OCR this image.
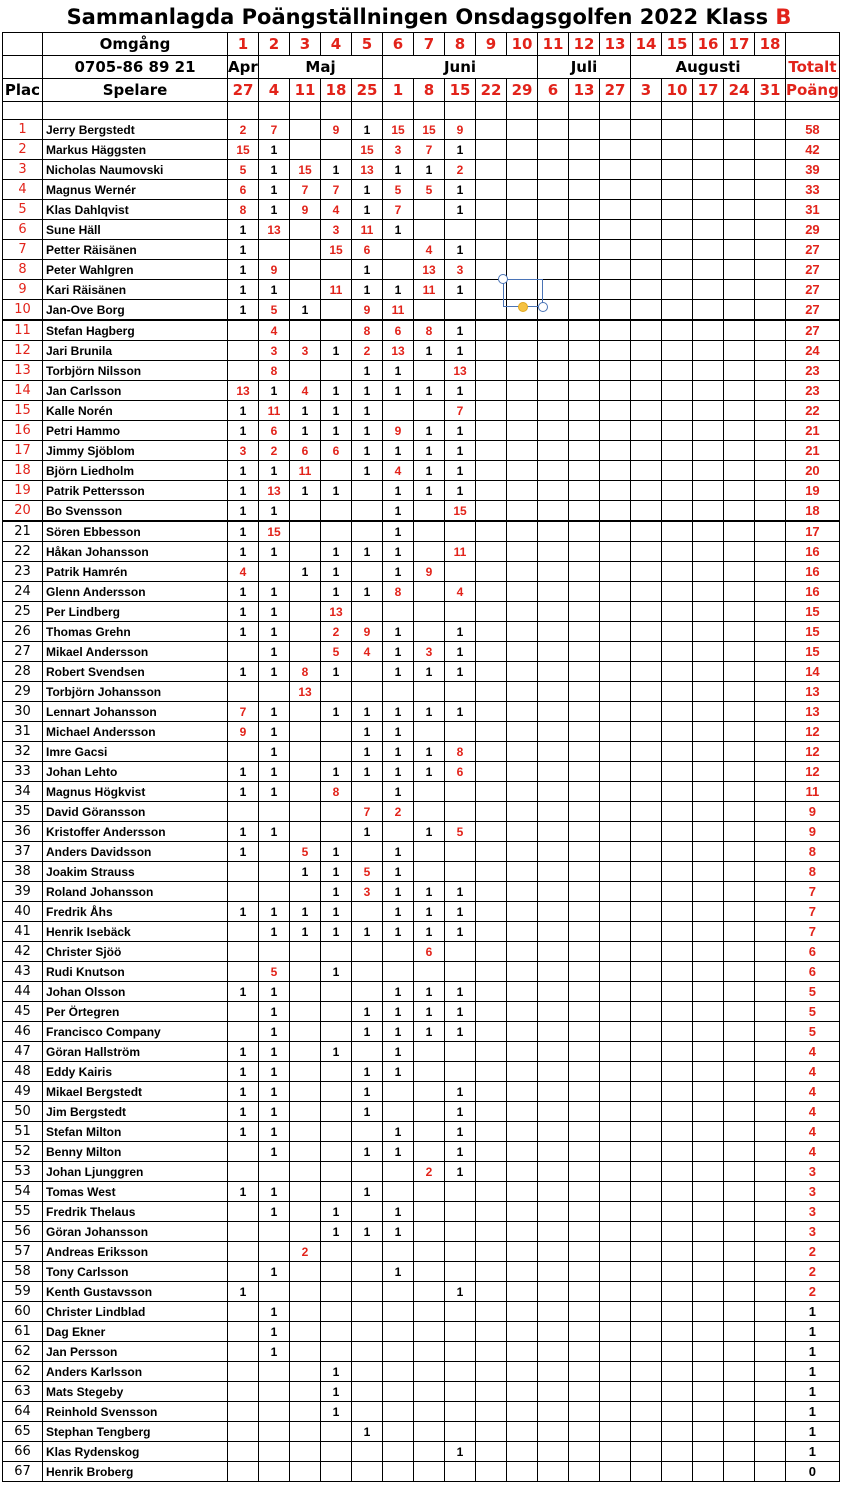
Sammanlagda Poängställningen Onsdagsgolfen 2022 Klass B
	Omgång	1	2	3	4	5	6	7	8	9	10	11	12	13	14	15	16	17	18	
	0705-86 89 21	Apr	Maj				Juni					Juli			Augusti					Totalt
Plac	Spelare	27	4	11	18	25	1	8	15	22	29	6	13	27	3	10	17	24	31	Poäng

1	Jerry Bergstedt	2	7		9	1	15	15	9											58
2	Markus Häggsten	15	1			15	3	7	1											42
3	Nicholas Naumovski	5	1	15	1	13	1	1	2											39
4	Magnus Wernér	6	1	7	7	1	5	5	1											33
5	Klas Dahlqvist	8	1	9	4	1	7		1											31
6	Sune Häll	1	13		3	11	1													29
7	Petter Räisänen	1			15	6		4	1											27
8	Peter Wahlgren	1	9			1		13	3											27
9	Kari Räisänen	1	1		11	1	1	11	1											27
10	Jan-Ove Borg	1	5	1		9	11													27
11	Stefan Hagberg		4			8	6	8	1											27
12	Jari Brunila		3	3	1	2	13	1	1											24
13	Torbjörn Nilsson		8			1	1		13											23
14	Jan Carlsson	13	1	4	1	1	1	1	1											23
15	Kalle Norén	1	11	1	1	1			7											22
16	Petri Hammo	1	6	1	1	1	9	1	1											21
17	Jimmy Sjöblom	3	2	6	6	1	1	1	1											21
18	Björn Liedholm	1	1	11		1	4	1	1											20
19	Patrik Pettersson	1	13	1	1		1	1	1											19
20	Bo Svensson	1	1				1		15											18
21	Sören Ebbesson	1	15				1													17
22	Håkan Johansson	1	1		1	1	1		11											16
23	Patrik Hamrén	4		1	1		1	9												16
24	Glenn Andersson	1	1		1	1	8		4											16
25	Per Lindberg	1	1		13															15
26	Thomas Grehn	1	1		2	9	1		1											15
27	Mikael Andersson		1		5	4	1	3	1											15
28	Robert Svendsen	1	1	8	1		1	1	1											14
29	Torbjörn Johansson			13																13
30	Lennart Johansson	7	1		1	1	1	1	1											13
31	Michael Andersson	9	1			1	1													12
32	Imre Gacsi		1			1	1	1	8											12
33	Johan Lehto	1	1		1	1	1	1	6											12
34	Magnus Högkvist	1	1		8		1													11
35	David Göransson					7	2													9
36	Kristoffer Andersson	1	1			1		1	5											9
37	Anders Davidsson	1		5	1		1													8
38	Joakim Strauss			1	1	5	1													8
39	Roland Johansson				1	3	1	1	1											7
40	Fredrik Åhs	1	1	1	1		1	1	1											7
41	Henrik Isebäck		1	1	1	1	1	1	1											7
42	Christer Sjöö							6												6
43	Rudi Knutson		5		1															6
44	Johan Olsson	1	1				1	1	1											5
45	Per Örtegren		1			1	1	1	1											5
46	Francisco Company		1			1	1	1	1											5
47	Göran Hallström	1	1		1		1													4
48	Eddy Kairis	1	1			1	1													4
49	Mikael Bergstedt	1	1			1			1											4
50	Jim Bergstedt	1	1			1			1											4
51	Stefan Milton	1	1				1		1											4
52	Benny Milton		1			1	1		1											4
53	Johan Ljunggren							2	1											3
54	Tomas West	1	1			1														3
55	Fredrik Thelaus		1		1		1													3
56	Göran Johansson				1	1	1													3
57	Andreas Eriksson			2																2
58	Tony Carlsson		1				1													2
59	Kenth Gustavsson	1							1											2
60	Christer Lindblad		1																	1
61	Dag Ekner		1																	1
62	Jan Persson		1																	1
62	Anders Karlsson				1															1
63	Mats Stegeby				1															1
64	Reinhold Svensson				1															1
65	Stephan Tengberg					1														1
66	Klas Rydenskog								1											1
67	Henrik Broberg																			0
